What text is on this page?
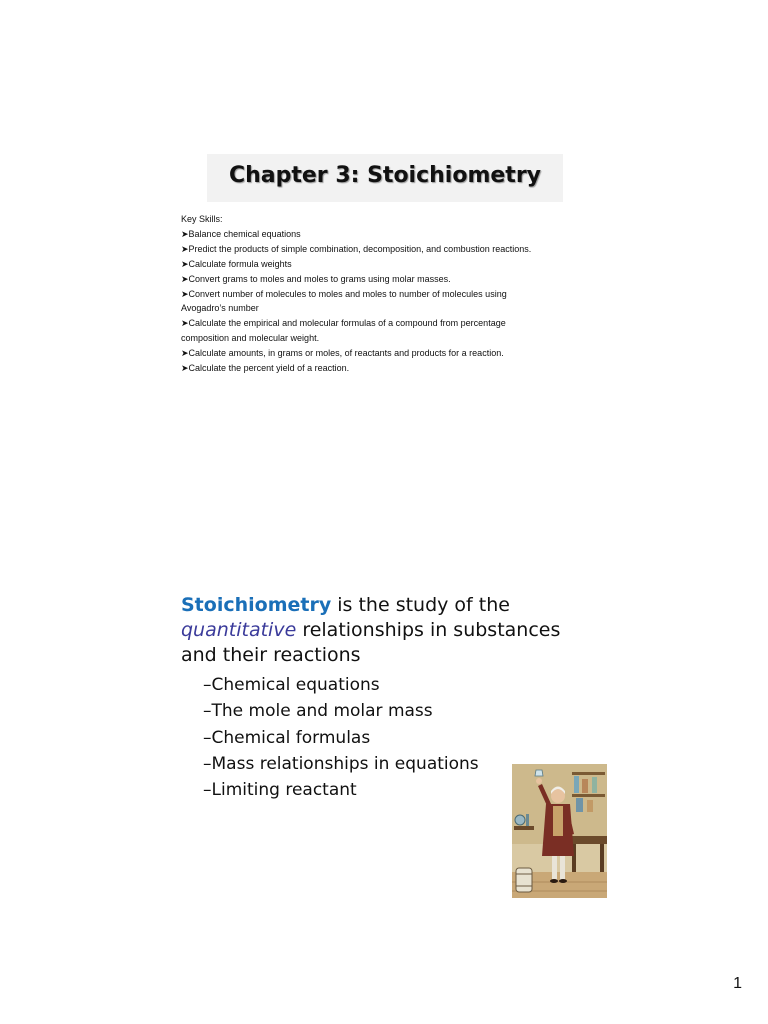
Chapter 3: Stoichiometry
Key Skills:
➤Balance chemical equations
➤Predict the products of simple combination, decomposition, and combustion reactions.
➤Calculate formula weights
➤Convert grams to moles and moles to grams using molar masses.
➤Convert number of molecules to moles and moles to number of molecules using
Avogadro’s number
➤Calculate the empirical and molecular formulas of a compound from percentage
composition and molecular weight.
➤Calculate amounts, in grams or moles, of reactants and products for a reaction.
➤Calculate the percent yield of a reaction.
Stoichiometry is the study of the
quantitative relationships in substances and their reactions
–Chemical equations
–The mole and molar mass
–Chemical formulas
–Mass relationships in equations
–Limiting reactant
1
